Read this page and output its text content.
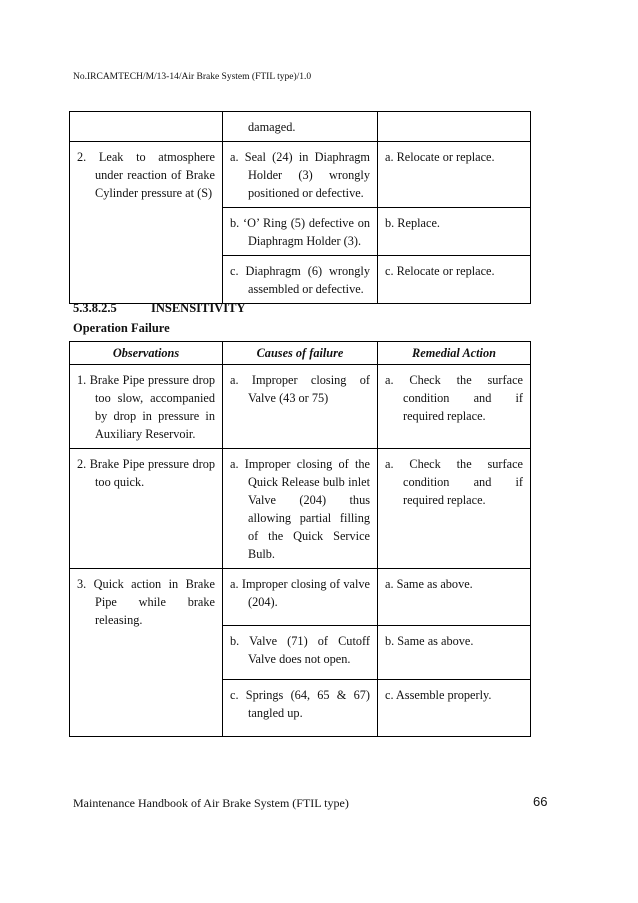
No.IRCAMTECH/M/13-14/Air Brake System (FTIL type)/1.0

	damaged.	

2. Leak to atmosphere under reaction of Brake Cylinder pressure at (S)	a. Seal (24) in Diaphragm Holder (3) wrongly positioned or defective.	a. Relocate or replace.

	b. ‘O’ Ring (5) defective on Diaphragm Holder (3).	b. Replace.

	c. Diaphragm (6) wrongly assembled or defective.	c. Relocate or replace.
5.3.8.2.5	INSENSITIVITY
Operation Failure
Observations	Causes of failure	Remedial Action

1. Brake Pipe pressure drop too slow, accompanied by drop in pressure in Auxiliary Reservoir.	a. Improper closing of Valve (43 or 75)	a. Check the surface condition and if required replace.

2. Brake Pipe pressure drop too quick.	a. Improper closing of the Quick Release bulb inlet Valve (204) thus allowing partial filling of the Quick Service Bulb.	a. Check the surface condition and if required replace.

3. Quick action in Brake Pipe while brake releasing.	a. Improper closing of valve (204).	a. Same as above.

	b. Valve (71) of Cutoff Valve does not open.	b. Same as above.

	c. Springs (64, 65 & 67) tangled up.	c. Assemble properly.
Maintenance Handbook of Air Brake System (FTIL type)	66
